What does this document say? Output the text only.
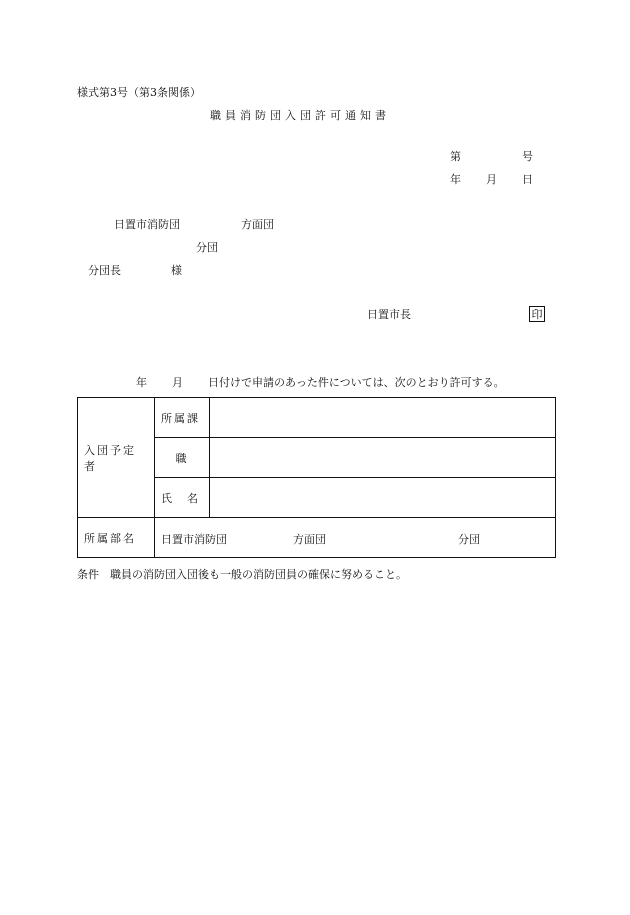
様式第3号（第3条関係）
職員消防団入団許可通知書
第	号
年 月 日
日置市消防団	方面団
分団
分団長	様
日置市長	印
年 月 日付けで申請のあった件については、次のとおり許可する。
入団予定者	所属課	
	職	
	氏　名	
所属部名	日置市消防団 方面団 分団	
条件　職員の消防団入団後も一般の消防団員の確保に努めること。
